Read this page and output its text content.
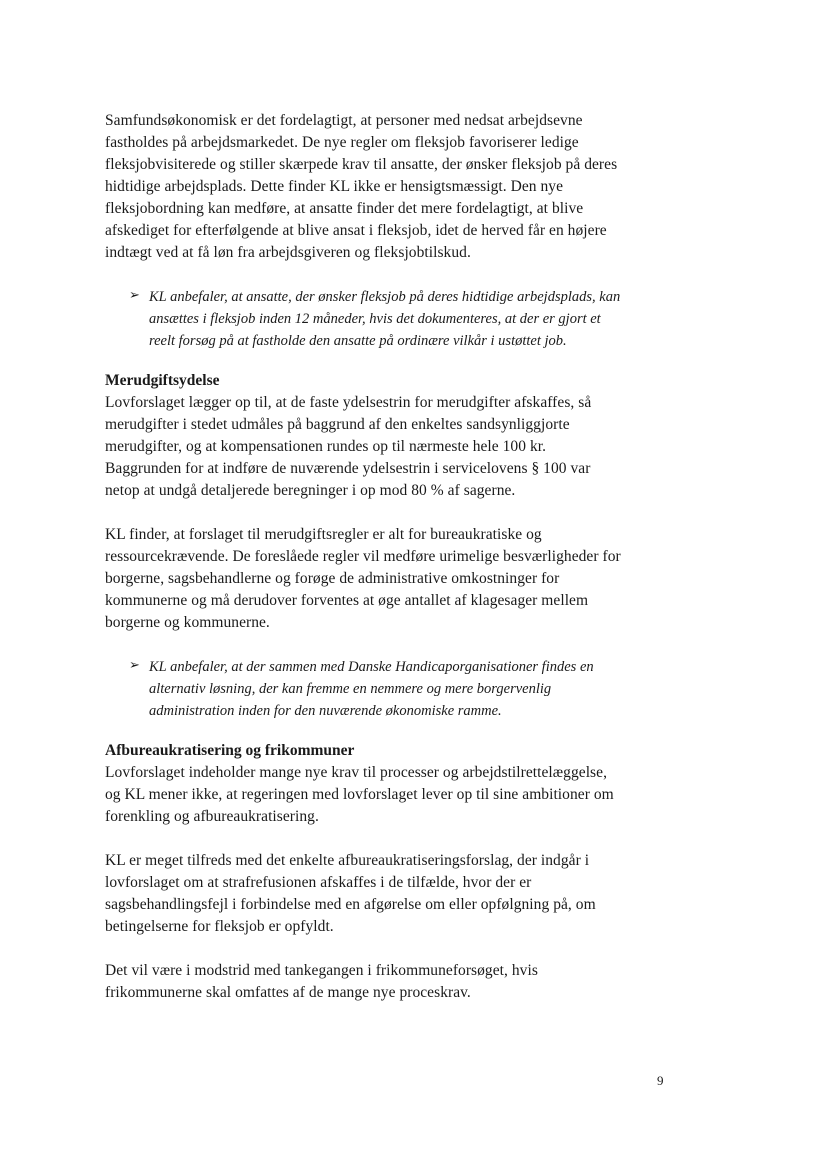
Samfundsøkonomisk er det fordelagtigt, at personer med nedsat arbejdsevne fastholdes på arbejdsmarkedet. De nye regler om fleksjob favoriserer ledige fleksjobvisiterede og stiller skærpede krav til ansatte, der ønsker fleksjob på deres hidtidige arbejdsplads. Dette finder KL ikke er hensigtsmæssigt. Den nye fleksjobordning kan medføre, at ansatte finder det mere fordelagtigt, at blive afskediget for efterfølgende at blive ansat i fleksjob, idet de herved får en højere indtægt ved at få løn fra arbejdsgiveren og fleksjobtilskud.

➢ KL anbefaler, at ansatte, der ønsker fleksjob på deres hidtidige arbejdsplads, kan ansættes i fleksjob inden 12 måneder, hvis det dokumenteres, at der er gjort et reelt forsøg på at fastholde den ansatte på ordinære vilkår i ustøttet job.
Merudgiftsydelse

Lovforslaget lægger op til, at de faste ydelsestrin for merudgifter afskaffes, så merudgifter i stedet udmåles på baggrund af den enkeltes sandsynliggjorte merudgifter, og at kompensationen rundes op til nærmeste hele 100 kr. Baggrunden for at indføre de nuværende ydelsestrin i servicelovens § 100 var netop at undgå detaljerede beregninger i op mod 80 % af sagerne.

KL finder, at forslaget til merudgiftsregler er alt for bureaukratiske og ressourcekrævende. De foreslåede regler vil medføre urimelige besværligheder for borgerne, sagsbehandlerne og forøge de administrative omkostninger for kommunerne og må derudover forventes at øge antallet af klagesager mellem borgerne og kommunerne.

➢ KL anbefaler, at der sammen med Danske Handicaporganisationer findes en alternativ løsning, der kan fremme en nemmere og mere borgervenlig administration inden for den nuværende økonomiske ramme.
Afbureaukratisering og frikommuner

Lovforslaget indeholder mange nye krav til processer og arbejdstilrettelæggelse, og KL mener ikke, at regeringen med lovforslaget lever op til sine ambitioner om forenkling og afbureaukratisering.

KL er meget tilfreds med det enkelte afbureaukratiseringsforslag, der indgår i lovforslaget om at strafrefusionen afskaffes i de tilfælde, hvor der er sagsbehandlingsfejl i forbindelse med en afgørelse om eller opfølgning på, om betingelserne for fleksjob er opfyldt.

Det vil være i modstrid med tankegangen i frikommuneforsøget, hvis frikommunerne skal omfattes af de mange nye proceskrav.

9
